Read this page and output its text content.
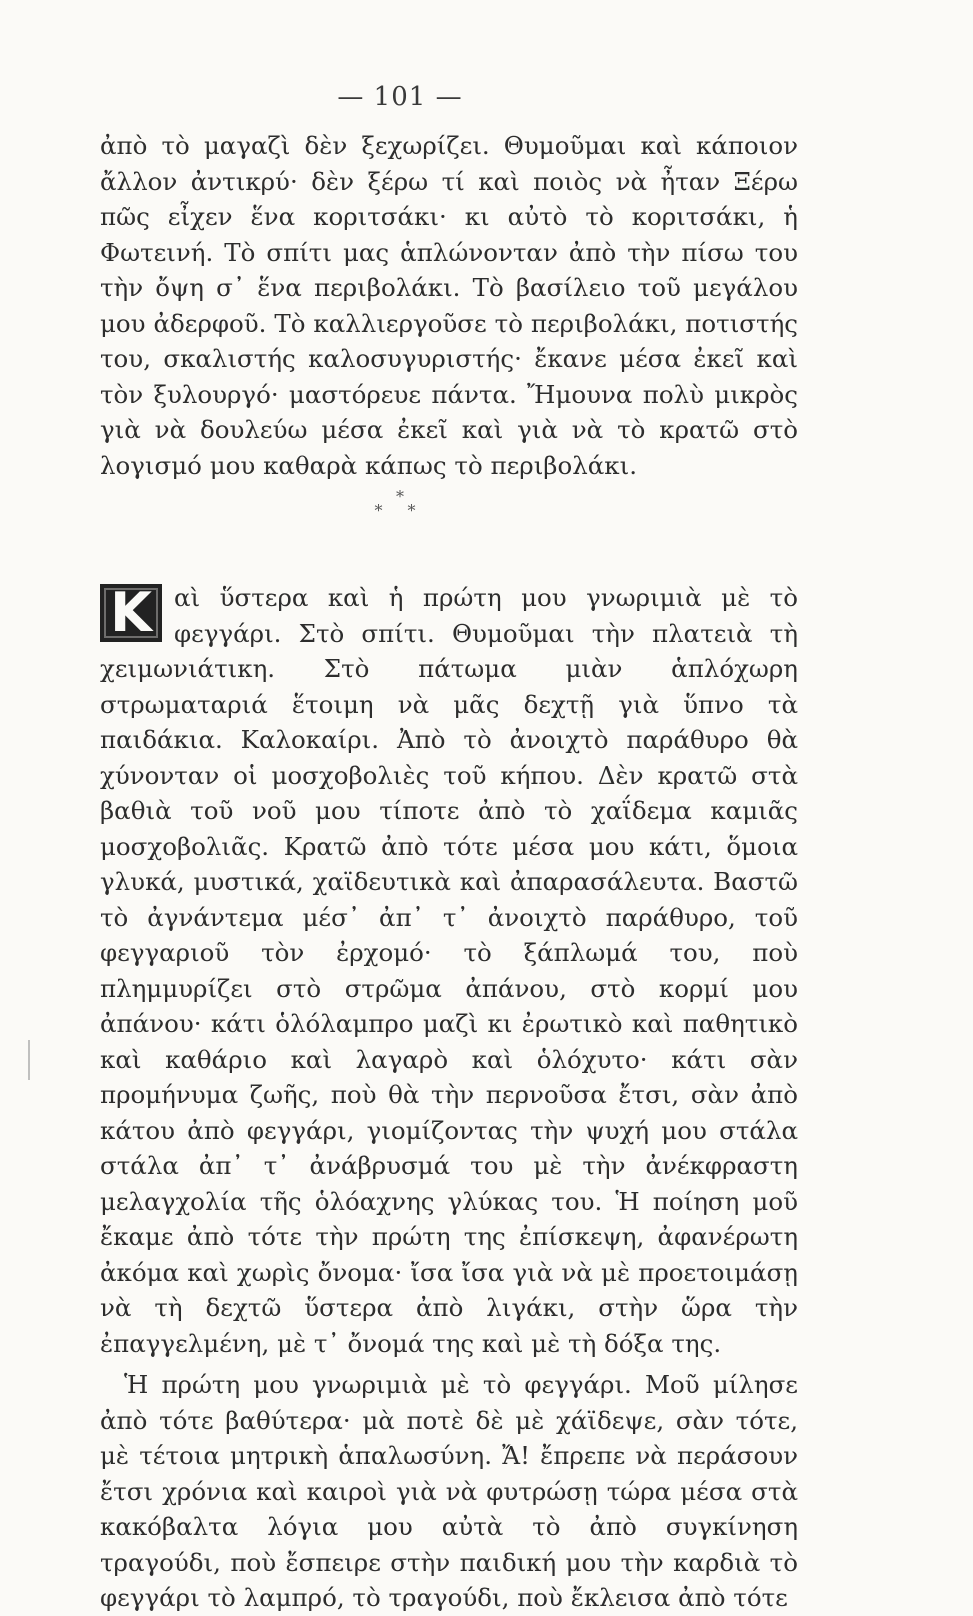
— 101 —

ἀπὸ τὸ μαγαζὶ δὲν ξεχωρίζει. Θυμοῦμαι καὶ κάποιον ἄλλον ἀντικρύ· δὲν ξέρω τί καὶ ποιὸς νὰ ἦταν Ξέρω πῶς εἶχεν ἕνα κοριτσάκι· κι αὐτὸ τὸ κοριτσάκι, ἡ Φωτεινή. Τὸ σπίτι μας ἁπλώνονταν ἀπὸ τὴν πίσω του τὴν ὄψη σ᾿ ἕνα περιβολάκι. Τὸ βασίλειο τοῦ μεγάλου μου ἀδερφοῦ. Τὸ καλλιεργοῦσε τὸ περιβολάκι, ποτιστής του, σκαλιστής καλοσυγυριστής· ἔκανε μέσα ἐκεῖ καὶ τὸν ξυλουργό· μαστόρευε πάντα. Ἤμουνα πολὺ μικρὸς γιὰ νὰ δουλεύω μέσα ἐκεῖ καὶ γιὰ νὰ τὸ κρατῶ στὸ λογισμό μου καθαρὰ κάπως τὸ περιβολάκι.

*
* *

Κ αὶ ὕστερα καὶ ἡ πρώτη μου γνωριμιὰ μὲ τὸ φεγγάρι. Στὸ σπίτι. Θυμοῦμαι τὴν πλατειὰ τὴ χειμωνιάτικη. Στὸ πάτωμα μιὰν ἁπλόχωρη στρωματαριά ἕτοιμη νὰ μᾶς δεχτῇ γιὰ ὕπνο τὰ παιδάκια. Καλοκαίρι. Ἀπὸ τὸ ἀνοιχτὸ παράθυρο θὰ χύνονταν οἱ μοσχοβολιὲς τοῦ κήπου. Δὲν κρατῶ στὰ βαθιὰ τοῦ νοῦ μου τίποτε ἀπὸ τὸ χαΐδεμα καμιᾶς μοσχοβολιᾶς. Κρατῶ ἀπὸ τότε μέσα μου κάτι, ὅμοια γλυκά, μυστικά, χαϊδευτικὰ καὶ ἀπαρασάλευτα. Βαστῶ τὸ ἀγνάντεμα μέσ᾿ ἀπ᾿ τ᾿ ἀνοιχτὸ παράθυρο, τοῦ φεγγαριοῦ τὸν ἐρχομό· τὸ ξάπλωμά του, ποὺ πλημμυρίζει στὸ στρῶμα ἀπάνου, στὸ κορμί μου ἀπάνου· κάτι ὁλόλαμπρο μαζὶ κι ἐρωτικὸ καὶ παθητικὸ καὶ καθάριο καὶ λαγαρὸ καὶ ὁλόχυτο· κάτι σὰν προμήνυμα ζωῆς, ποὺ θὰ τὴν περνοῦσα ἔτσι, σὰν ἀπὸ κάτου ἀπὸ φεγγάρι, γιομίζοντας τὴν ψυχή μου στάλα στάλα ἀπ᾿ τ᾿ ἀνάβρυσμά του μὲ τὴν ἀνέκφραστη μελαγχολία τῆς ὁλόαχνης γλύκας του. Ἡ ποίηση μοῦ ἔκαμε ἀπὸ τότε τὴν πρώτη της ἐπίσκεψη, ἀφανέρωτη ἀκόμα καὶ χωρὶς ὄνομα· ἴσα ἴσα γιὰ νὰ μὲ προετοιμάσῃ νὰ τὴ δεχτῶ ὕστερα ἀπὸ λιγάκι, στὴν ὥρα τὴν ἐπαγγελμένη, μὲ τ᾿ ὄνομά της καὶ μὲ τὴ δόξα της.

Ἡ πρώτη μου γνωριμιὰ μὲ τὸ φεγγάρι. Μοῦ μίλησε ἀπὸ τότε βαθύτερα· μὰ ποτὲ δὲ μὲ χάϊδεψε, σὰν τότε, μὲ τέτοια μητρικὴ ἁπαλωσύνη. Ἄ! ἔπρεπε νὰ περάσουν ἔτσι χρόνια καὶ καιροὶ γιὰ νὰ φυτρώσῃ τώρα μέσα στὰ κακόβαλτα λόγια μου αὐτὰ τὸ ἀπὸ συγκίνηση τραγούδι, ποὺ ἔσπειρε στὴν παιδική μου τὴν καρδιὰ τὸ φεγγάρι τὸ λαμπρό, τὸ τραγούδι, ποὺ ἔκλεισα ἀπὸ τότε
